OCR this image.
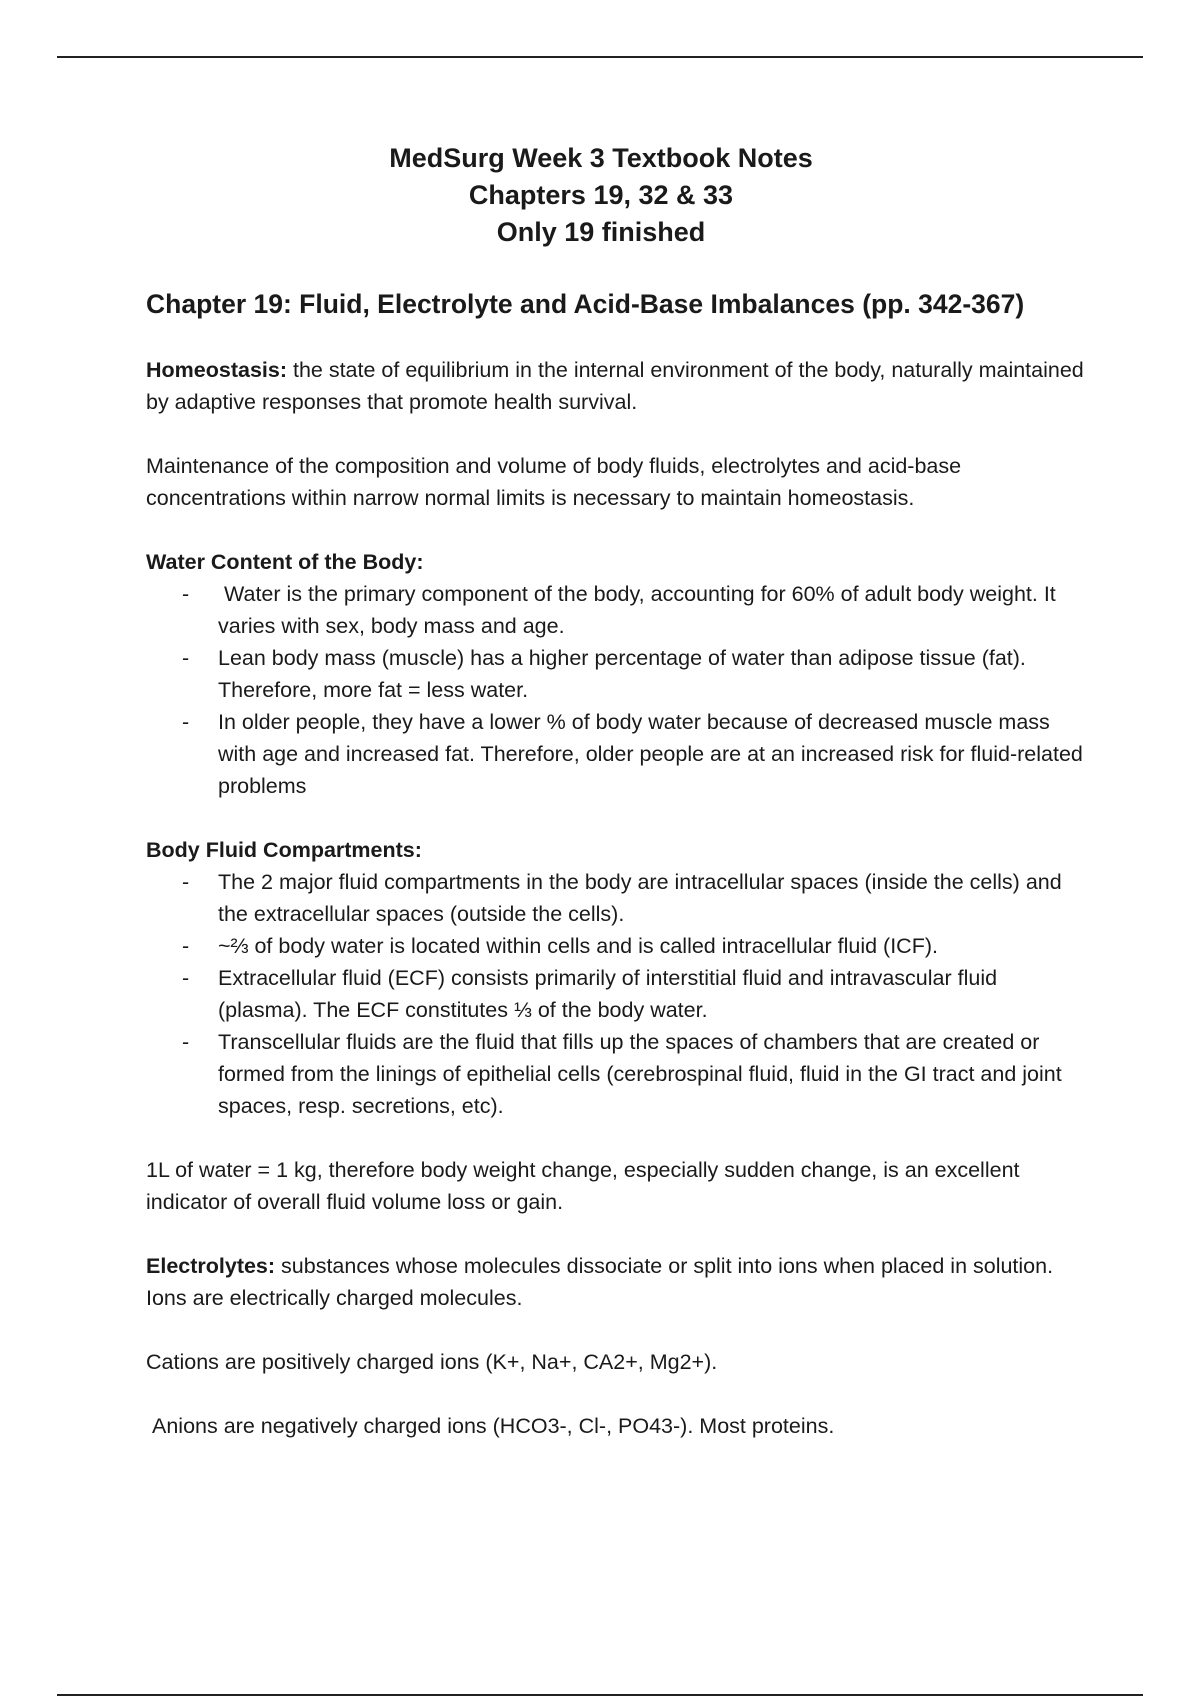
MedSurg Week 3 Textbook Notes
Chapters 19, 32 & 33
Only 19 finished
Chapter 19: Fluid, Electrolyte and Acid-Base Imbalances (pp. 342-367)

Homeostasis: the state of equilibrium in the internal environment of the body, naturally maintained by adaptive responses that promote health survival.

Maintenance of the composition and volume of body fluids, electrolytes and acid-base concentrations within narrow normal limits is necessary to maintain homeostasis.

Water Content of the Body:

- Water is the primary component of the body, accounting for 60% of adult body weight. It varies with sex, body mass and age.
- Lean body mass (muscle) has a higher percentage of water than adipose tissue (fat). Therefore, more fat = less water.
- In older people, they have a lower % of body water because of decreased muscle mass with age and increased fat. Therefore, older people are at an increased risk for fluid-related problems

Body Fluid Compartments:

- The 2 major fluid compartments in the body are intracellular spaces (inside the cells) and the extracellular spaces (outside the cells).
- ~⅔ of body water is located within cells and is called intracellular fluid (ICF).
- Extracellular fluid (ECF) consists primarily of interstitial fluid and intravascular fluid (plasma). The ECF constitutes ⅓ of the body water.
- Transcellular fluids are the fluid that fills up the spaces of chambers that are created or formed from the linings of epithelial cells (cerebrospinal fluid, fluid in the GI tract and joint spaces, resp. secretions, etc).

1L of water = 1 kg, therefore body weight change, especially sudden change, is an excellent indicator of overall fluid volume loss or gain.

Electrolytes: substances whose molecules dissociate or split into ions when placed in solution. Ions are electrically charged molecules.

Cations are positively charged ions (K+, Na+, CA2+, Mg2+).

Anions are negatively charged ions (HCO3-, Cl-, PO43-). Most proteins.
